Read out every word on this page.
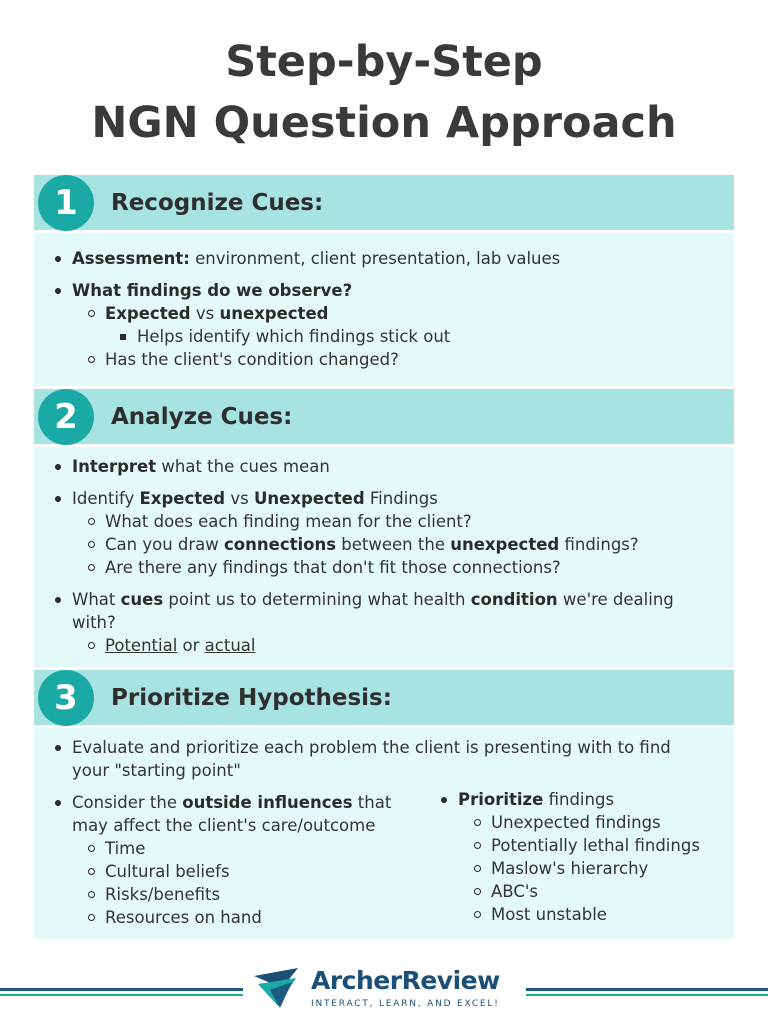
Step-by-Step
NGN Question Approach
1	Recognize Cues:
Assessment: environment, client presentation, lab values
What findings do we observe?
Expected vs unexpected
Helps identify which findings stick out
Has the client's condition changed?
2	Analyze Cues:
Interpret what the cues mean
Identify Expected vs Unexpected Findings
What does each finding mean for the client?
Can you draw connections between the unexpected findings?
Are there any findings that don't fit those connections?
What cues point us to determining what health condition we're dealing
with?
Potential or actual
3	Prioritize Hypothesis:
Evaluate and prioritize each problem the client is presenting with to find
your "starting point"
Consider the outside influences that
may affect the client's care/outcome
Time
Cultural beliefs
Risks/benefits
Resources on hand
Prioritize findings
Unexpected findings
Potentially lethal findings
Maslow's hierarchy
ABC's
Most unstable
ArcherReview
INTERACT, LEARN, AND EXCEL!
